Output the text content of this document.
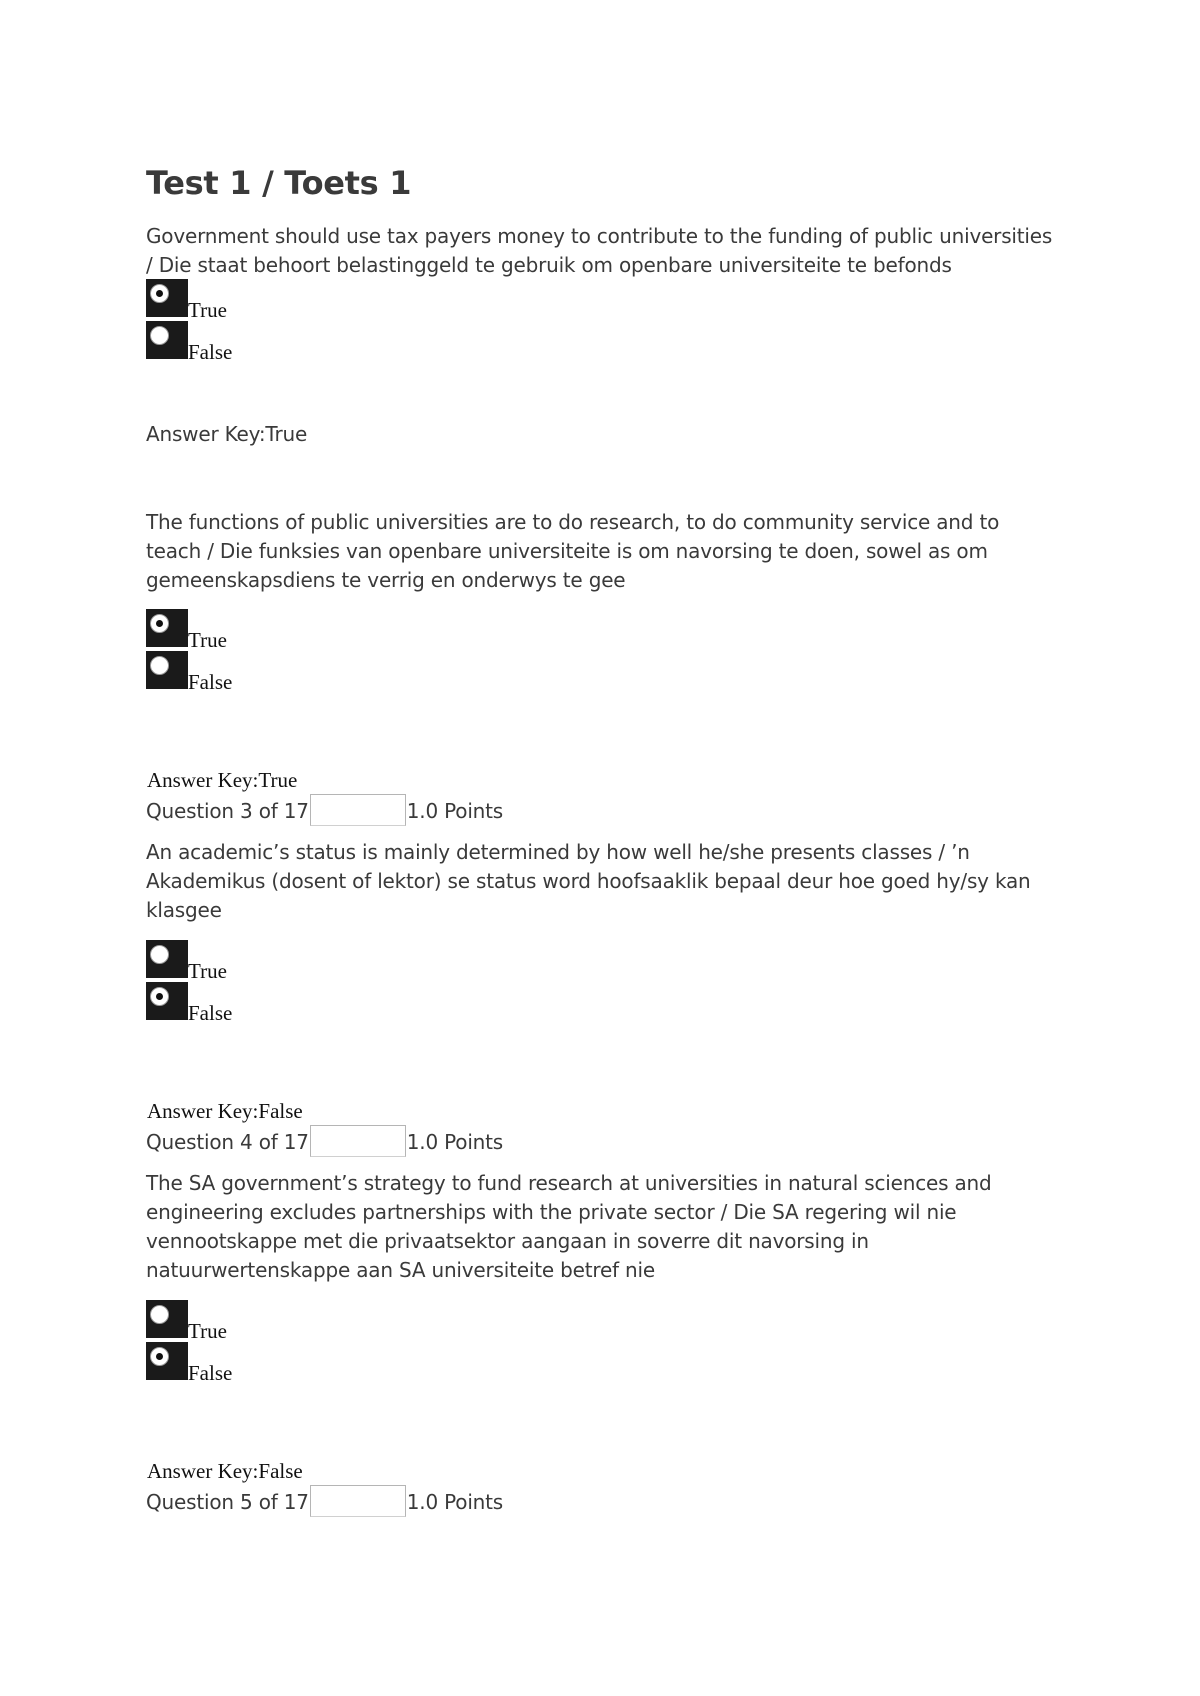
Test 1 / Toets 1
Government should use tax payers money to contribute to the funding of public universities
/ Die staat behoort belastinggeld te gebruik om openbare universiteite te befonds
True
False
Answer Key:True
The functions of public universities are to do research, to do community service and to
teach / Die funksies van openbare universiteite is om navorsing te doen, sowel as om
gemeenskapsdiens te verrig en onderwys te gee
True
False
Answer Key:True
Question 3 of 17	1.0 Points
An academic’s status is mainly determined by how well he/she presents classes / ’n
Akademikus (dosent of lektor) se status word hoofsaaklik bepaal deur hoe goed hy/sy kan
klasgee
True
False
Answer Key:False
Question 4 of 17	1.0 Points
The SA government’s strategy to fund research at universities in natural sciences and
engineering excludes partnerships with the private sector / Die SA regering wil nie
vennootskappe met die privaatsektor aangaan in soverre dit navorsing in
natuurwertenskappe aan SA universiteite betref nie
True
False
Answer Key:False
Question 5 of 17	1.0 Points
